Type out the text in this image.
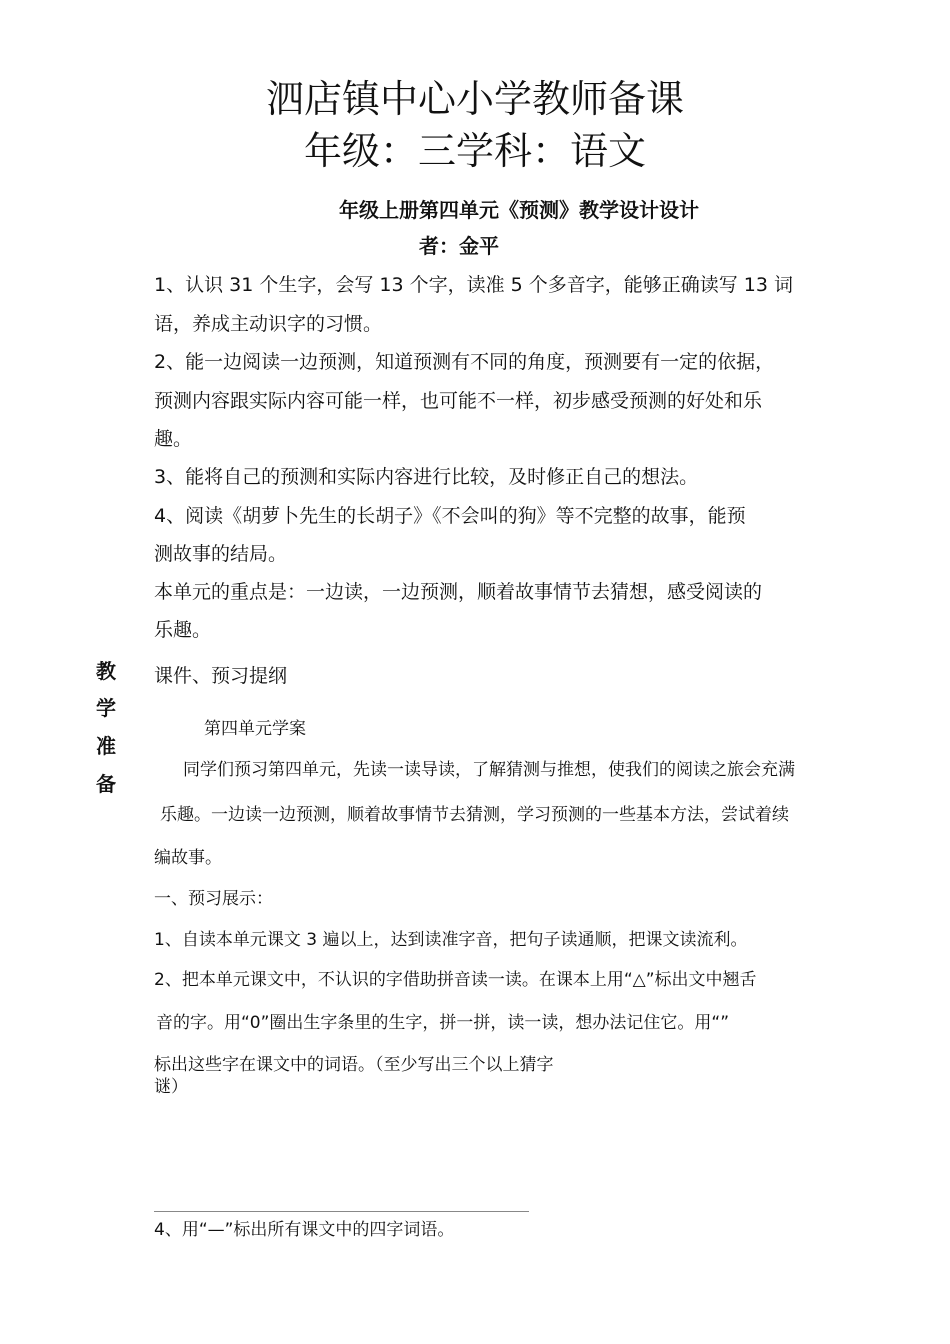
泗店镇中心小学教师备课
年级：三学科：语文
年级上册第四单元《预测》教学设计设计
者：金平
1、认识 31 个生字，会写 13 个字，读准 5 个多音字，能够正确读写 13 词
语，养成主动识字的习惯。
2、能一边阅读一边预测，知道预测有不同的角度，预测要有一定的依据，
预测内容跟实际内容可能一样，也可能不一样，初步感受预测的好处和乐
趣。
3、能将自己的预测和实际内容进行比较，及时修正自己的想法。
4、阅读《胡萝卜先生的长胡子》《不会叫的狗》等不完整的故事，能预
测故事的结局。
本单元的重点是：一边读，一边预测，顺着故事情节去猜想，感受阅读的
乐趣。
教
学
准
备
课件、预习提纲
第四单元学案
同学们预习第四单元，先读一读导读，了解猜测与推想，使我们的阅读之旅会充满
乐趣。一边读一边预测，顺着故事情节去猜测，学习预测的一些基本方法，尝试着续
编故事。
一、预习展示：
1、自读本单元课文 3 遍以上，达到读准字音，把句子读通顺，把课文读流利。
2、把本单元课文中，不认识的字借助拼音读一读。在课本上用“△”标出文中翘舌
音的字。用“0”圈出生字条里的生字，拼一拼，读一读，想办法记住它。用“”
标出这些字在课文中的词语。（至少写出三个以上猜字
谜）
4、用“—”标出所有课文中的四字词语。
